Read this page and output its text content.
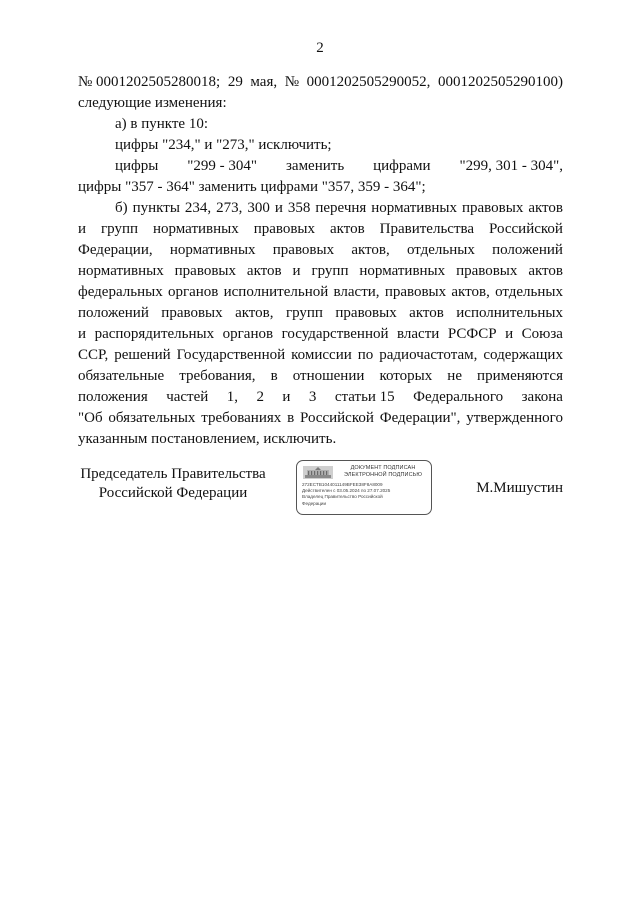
2
№ 0001202505280018; 29 мая, № 0001202505290052, 0001202505290100)
следующие изменения:
а) в пункте 10:
цифры "234," и "273," исключить;
цифры "299 - 304" заменить цифрами "299, 301 - 304",
цифры "357 - 364" заменить цифрами "357, 359 - 364";
б) пункты 234, 273, 300 и 358 перечня нормативных правовых актов
и групп нормативных правовых актов Правительства Российской
Федерации, нормативных правовых актов, отдельных положений
нормативных правовых актов и групп нормативных правовых актов
федеральных органов исполнительной власти, правовых актов, отдельных
положений правовых актов, групп правовых актов исполнительных
и распорядительных органов государственной власти РСФСР и Союза
ССР, решений Государственной комиссии по радиочастотам, содержащих
обязательные требования, в отношении которых не применяются
положения частей 1, 2 и 3 статьи 15 Федерального закона
"Об обязательных требованиях в Российской Федерации", утвержденного
указанным постановлением, исключить.
Председатель Правительства
Российской Федерации
ДОКУМЕНТ ПОДПИСАН
ЭЛЕКТРОННОЙ ПОДПИСЬЮ
272ECTB1044011149BFEE38F8A8009
Действителен с 03.05.2024 по 27.07.2025
Владелец Правительство Российской
Федерации
М.Мишустин
